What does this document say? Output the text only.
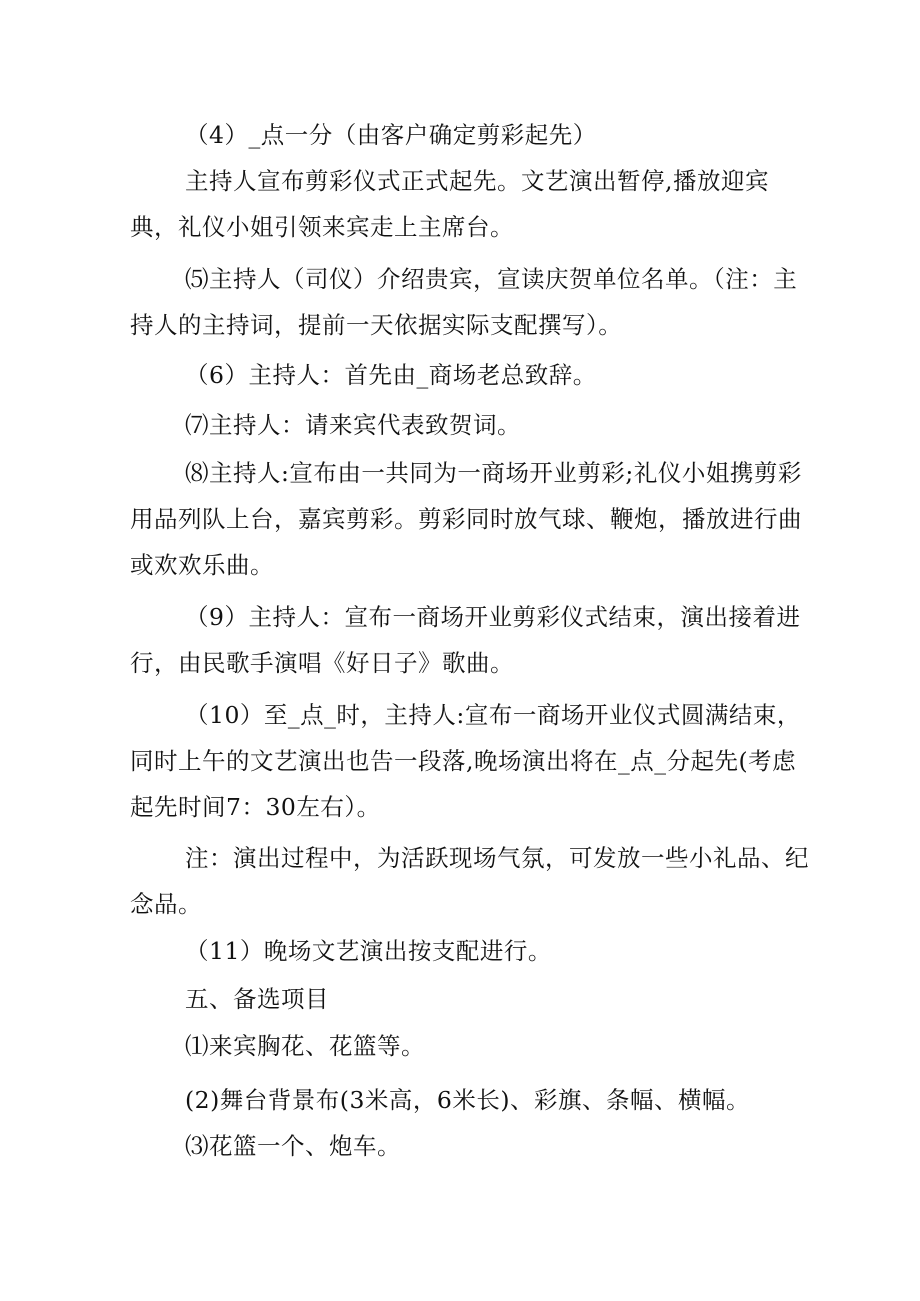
（4）_点一分（由客户确定剪彩起先）

主持人宣布剪彩仪式正式起先。文艺演出暂停,播放迎宾典，礼仪小姐引领来宾走上主席台。

⑸主持人（司仪）介绍贵宾，宣读庆贺单位名单。（注：主持人的主持词，提前一天依据实际支配撰写）。

（6）主持人：首先由_商场老总致辞。

⑺主持人：请来宾代表致贺词。

⑻主持人:宣布由一共同为一商场开业剪彩;礼仪小姐携剪彩用品列队上台，嘉宾剪彩。剪彩同时放气球、鞭炮，播放进行曲或欢欢乐曲。

（9）主持人：宣布一商场开业剪彩仪式结束，演出接着进行，由民歌手演唱《好日子》歌曲。

（10）至_点_时，主持人:宣布一商场开业仪式圆满结束，同时上午的文艺演出也告一段落,晚场演出将在_点_分起先(考虑起先时间7：30左右）。

注：演出过程中，为活跃现场气氛，可发放一些小礼品、纪念品。

（11）晚场文艺演出按支配进行。

五、备选项目

⑴来宾胸花、花篮等。

(2)舞台背景布(3米高，6米长)、彩旗、条幅、横幅。

⑶花篮一个、炮车。
